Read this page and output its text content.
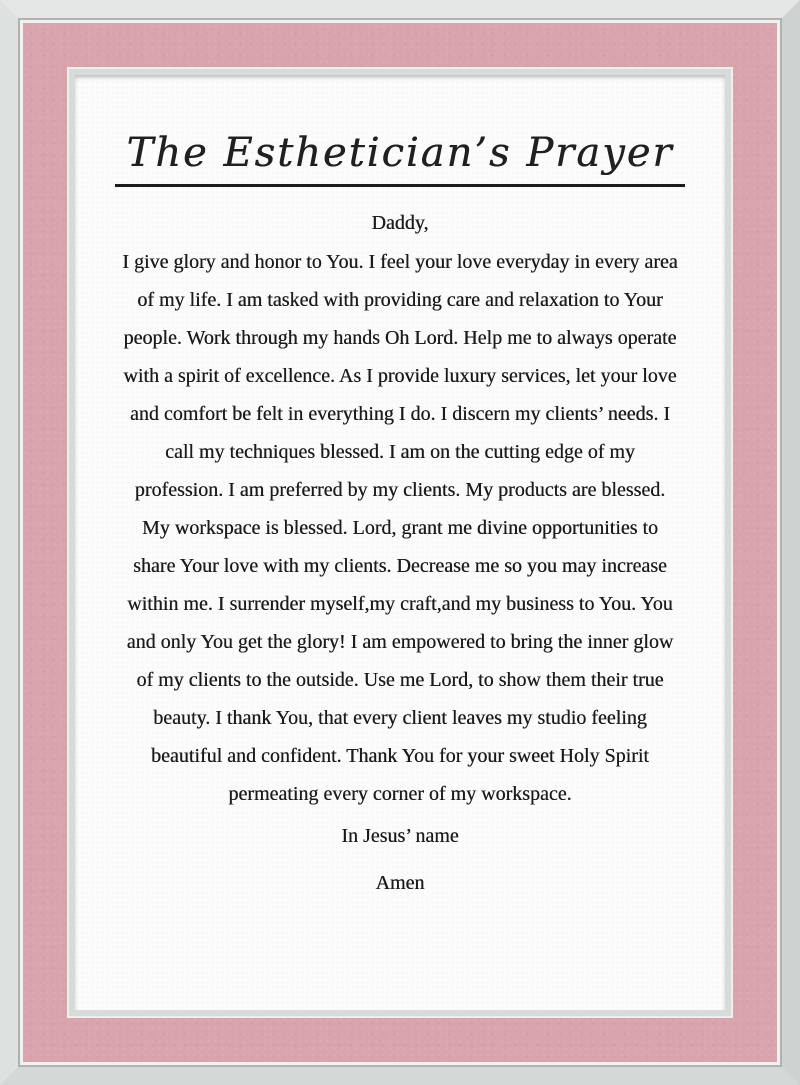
The Esthetician’s Prayer
Daddy,
I give glory and honor to You. I feel your love everyday in every area
of my life. I am tasked with providing care and relaxation to Your
people. Work through my hands Oh Lord. Help me to always operate
with a spirit of excellence. As I provide luxury services, let your love
and comfort be felt in everything I do. I discern my clients’ needs. I
call my techniques blessed. I am on the cutting edge of my
profession. I am preferred by my clients. My products are blessed.
My workspace is blessed. Lord, grant me divine opportunities to
share Your love with my clients. Decrease me so you may increase
within me. I surrender myself,my craft,and my business to You. You
and only You get the glory! I am empowered to bring the inner glow
of my clients to the outside. Use me Lord, to show them their true
beauty. I thank You, that every client leaves my studio feeling
beautiful and confident. Thank You for your sweet Holy Spirit
permeating every corner of my workspace.
In Jesus’ name
Amen
